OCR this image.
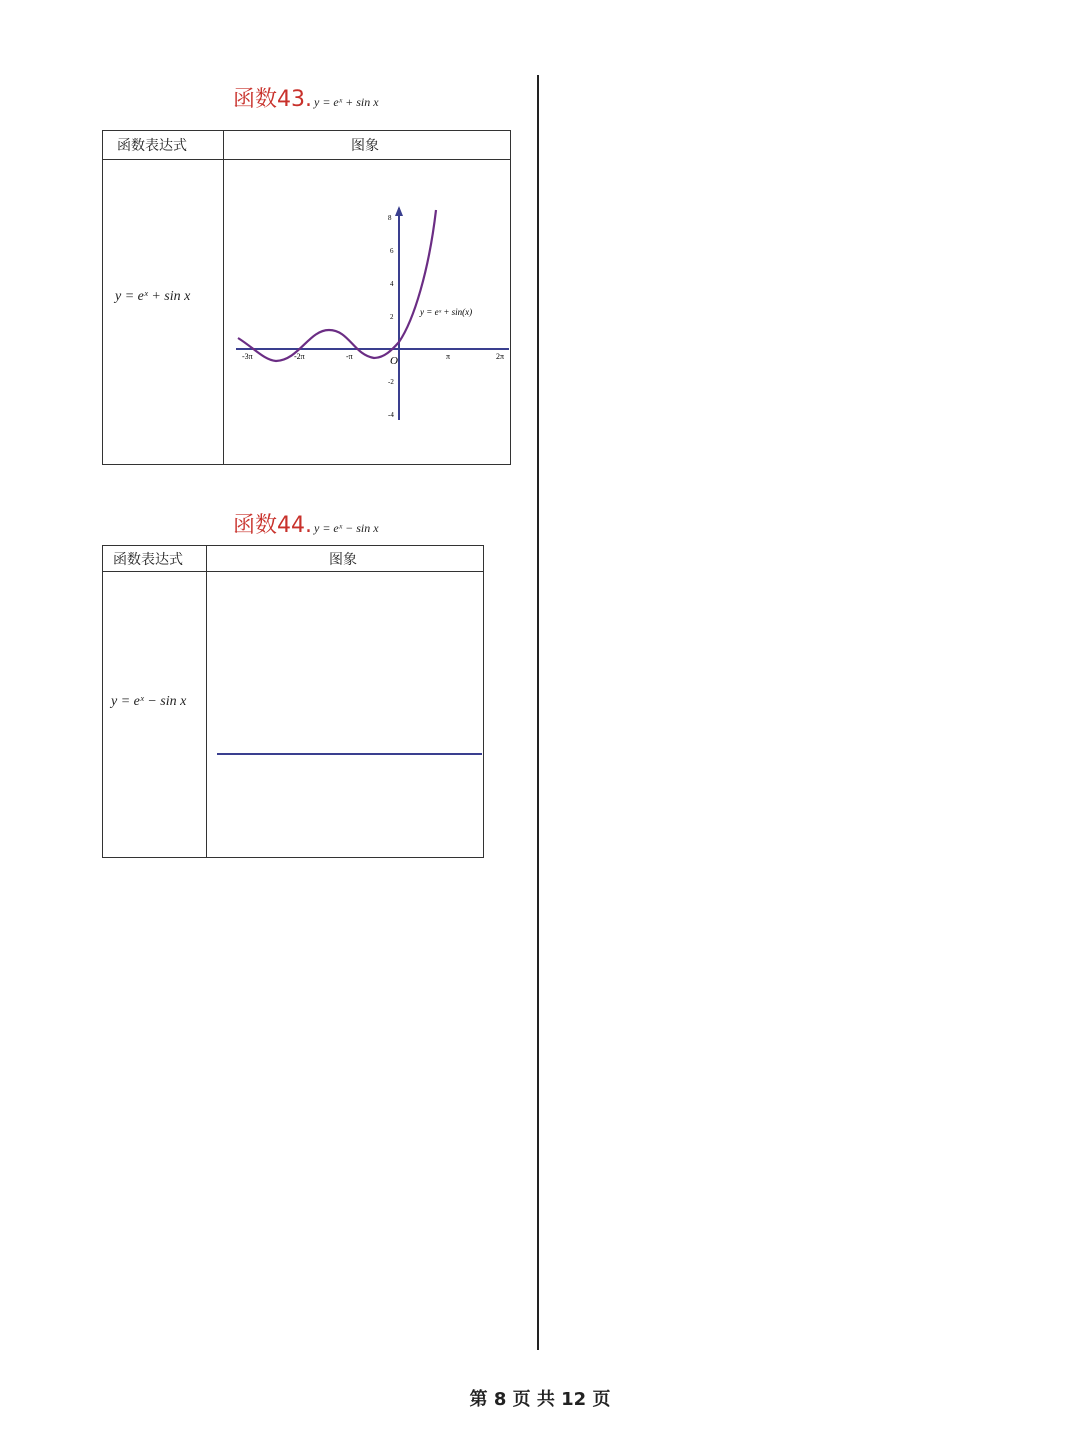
函数43. y = eˣ + sin x
函数表达式	图象
y = eˣ + sin x
-3π	-2π	-π	π	2π
8
6
4
2
-2
-4
O
y = eˣ + sin(x)
函数44. y = eˣ − sin x
函数表达式	图象
y = eˣ − sin x
第 8 页 共 12 页
